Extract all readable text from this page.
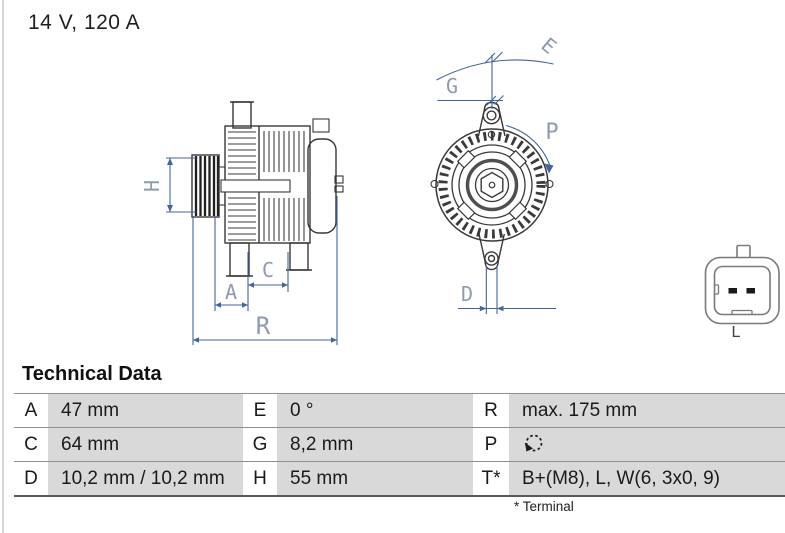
14 V, 120 A
H
C
A
R
E
G
P
D
L
Technical Data
A	47 mm	E	0 °	R	max. 175 mm
C	64 mm	G	8,2 mm	P
D	10,2 mm / 10,2 mm	H	55 mm	T*	B+(M8), L, W(6, 3x0, 9)
* Terminal
